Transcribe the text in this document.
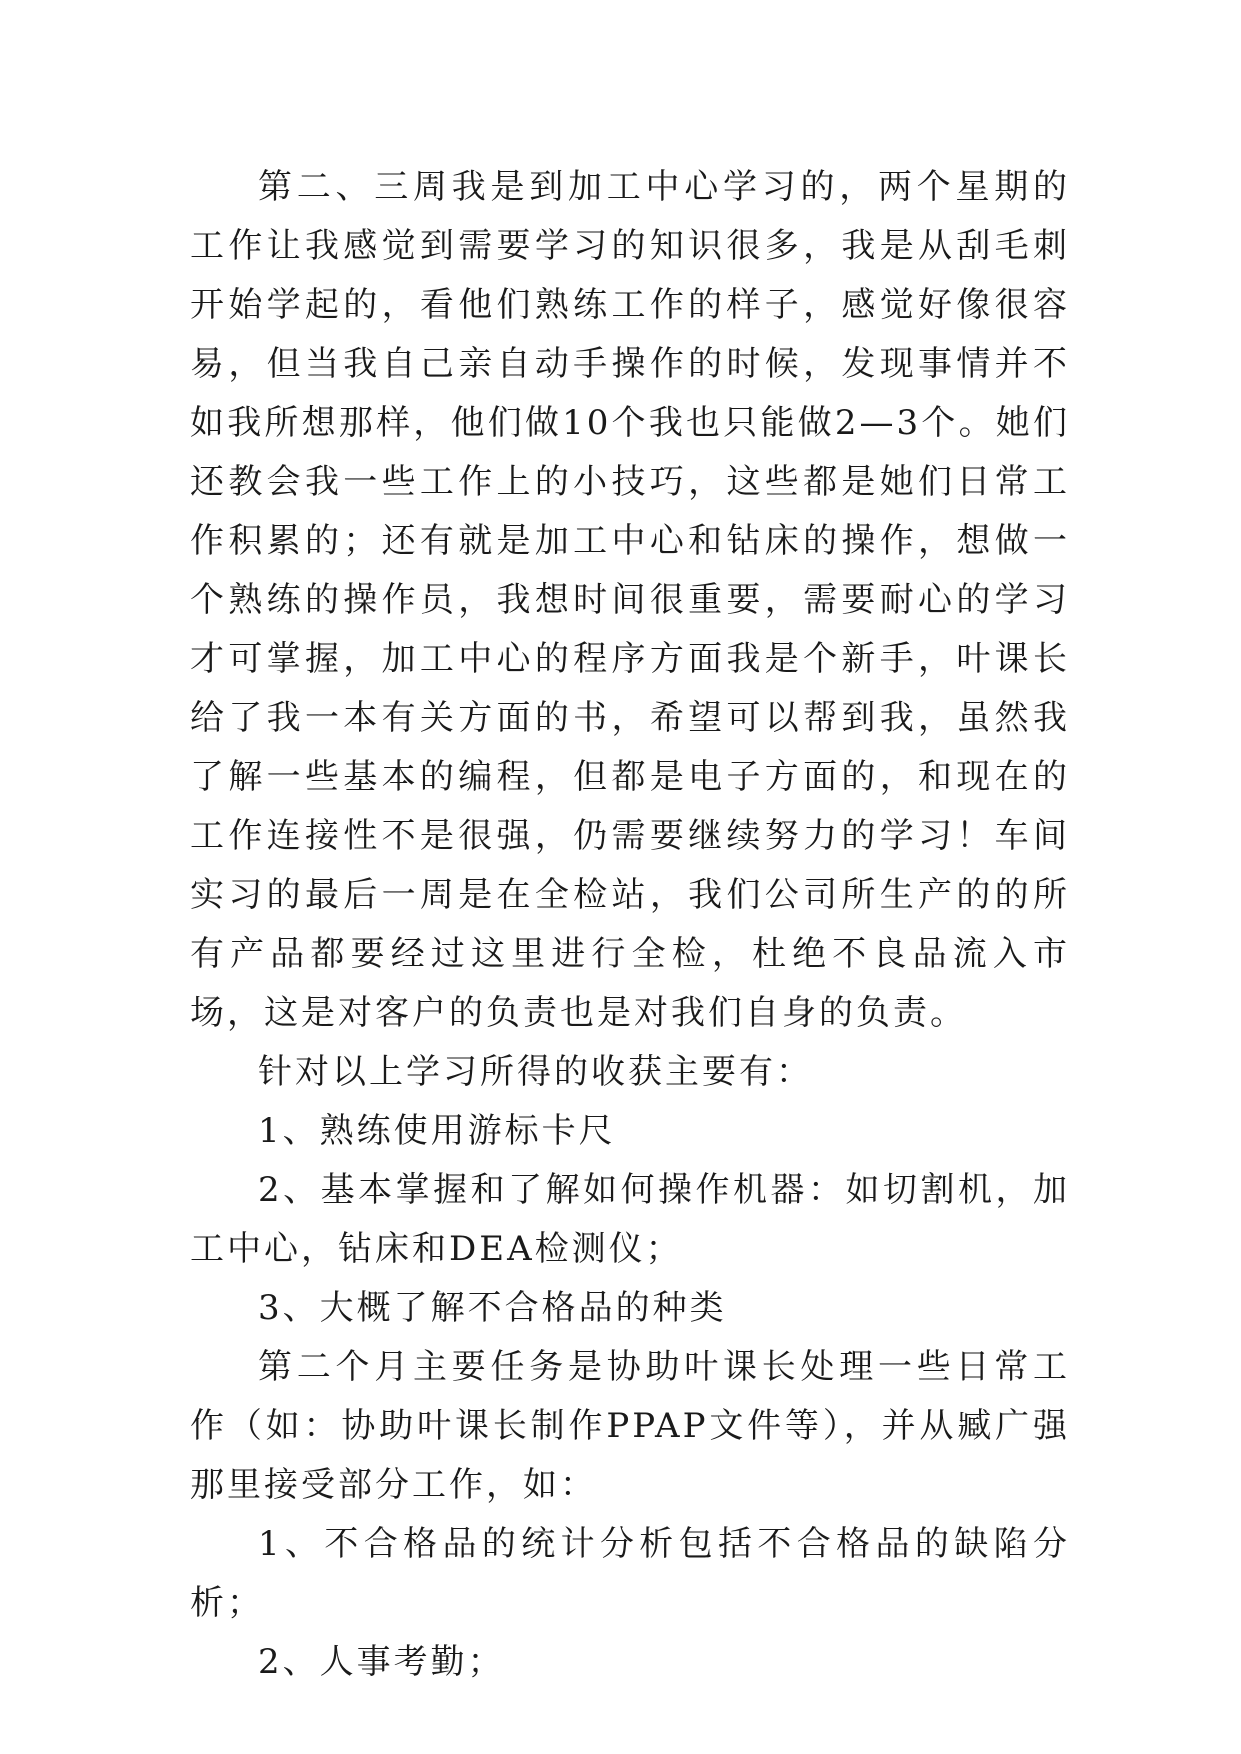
第二、三周我是到加工中心学习的，两个星期的工作让我感觉到需要学习的知识很多，我是从刮毛刺开始学起的，看他们熟练工作的样子，感觉好像很容易，但当我自己亲自动手操作的时候，发现事情并不如我所想那样，他们做10个我也只能做2—3个。她们还教会我一些工作上的小技巧，这些都是她们日常工作积累的；还有就是加工中心和钻床的操作，想做一个熟练的操作员，我想时间很重要，需要耐心的学习才可掌握，加工中心的程序方面我是个新手，叶课长给了我一本有关方面的书，希望可以帮到我，虽然我了解一些基本的编程，但都是电子方面的，和现在的工作连接性不是很强，仍需要继续努力的学习！车间实习的最后一周是在全检站，我们公司所生产的的所有产品都要经过这里进行全检，杜绝不良品流入市场，这是对客户的负责也是对我们自身的负责。

针对以上学习所得的收获主要有：

1、熟练使用游标卡尺

2、基本掌握和了解如何操作机器：如切割机，加工中心，钻床和DEA检测仪；

3、大概了解不合格品的种类

第二个月主要任务是协助叶课长处理一些日常工作（如：协助叶课长制作PPAP文件等），并从臧广强那里接受部分工作，如：

1、不合格品的统计分析包括不合格品的缺陷分析；

2、人事考勤；
